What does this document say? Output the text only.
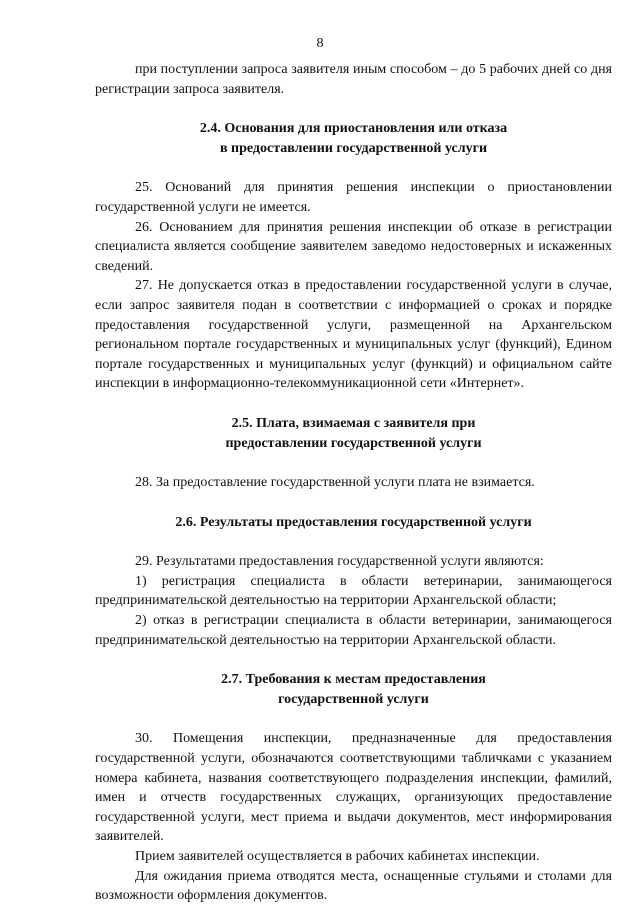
8

при поступлении запроса заявителя иным способом – до 5 рабочих дней со дня регистрации запроса заявителя.

2.4. Основания для приостановления или отказа
в предоставлении государственной услуги

25. Оснований для принятия решения инспекции о приостановлении государственной услуги не имеется.

26. Основанием для принятия решения инспекции об отказе в регистрации специалиста является сообщение заявителем заведомо недостоверных и искаженных сведений.

27. Не допускается отказ в предоставлении государственной услуги в случае, если запрос заявителя подан в соответствии с информацией о сроках и порядке предоставления государственной услуги, размещенной на Архангельском региональном портале государственных и муниципальных услуг (функций), Едином портале государственных и муниципальных услуг (функций) и официальном сайте инспекции в информационно-телекоммуникационной сети «Интернет».

2.5. Плата, взимаемая с заявителя при
предоставлении государственной услуги

28. За предоставление государственной услуги плата не взимается.

2.6. Результаты предоставления государственной услуги

29. Результатами предоставления государственной услуги являются:

1) регистрация специалиста в области ветеринарии, занимающегося предпринимательской деятельностью на территории Архангельской области;

2) отказ в регистрации специалиста в области ветеринарии, занимающегося предпринимательской деятельностью на территории Архангельской области.

2.7. Требования к местам предоставления
государственной услуги

30. Помещения инспекции, предназначенные для предоставления государственной услуги, обозначаются соответствующими табличками с указанием номера кабинета, названия соответствующего подразделения инспекции, фамилий, имен и отчеств государственных служащих, организующих предоставление государственной услуги, мест приема и выдачи документов, мест информирования заявителей.

Прием заявителей осуществляется в рабочих кабинетах инспекции.

Для ожидания приема отводятся места, оснащенные стульями и столами для возможности оформления документов.
